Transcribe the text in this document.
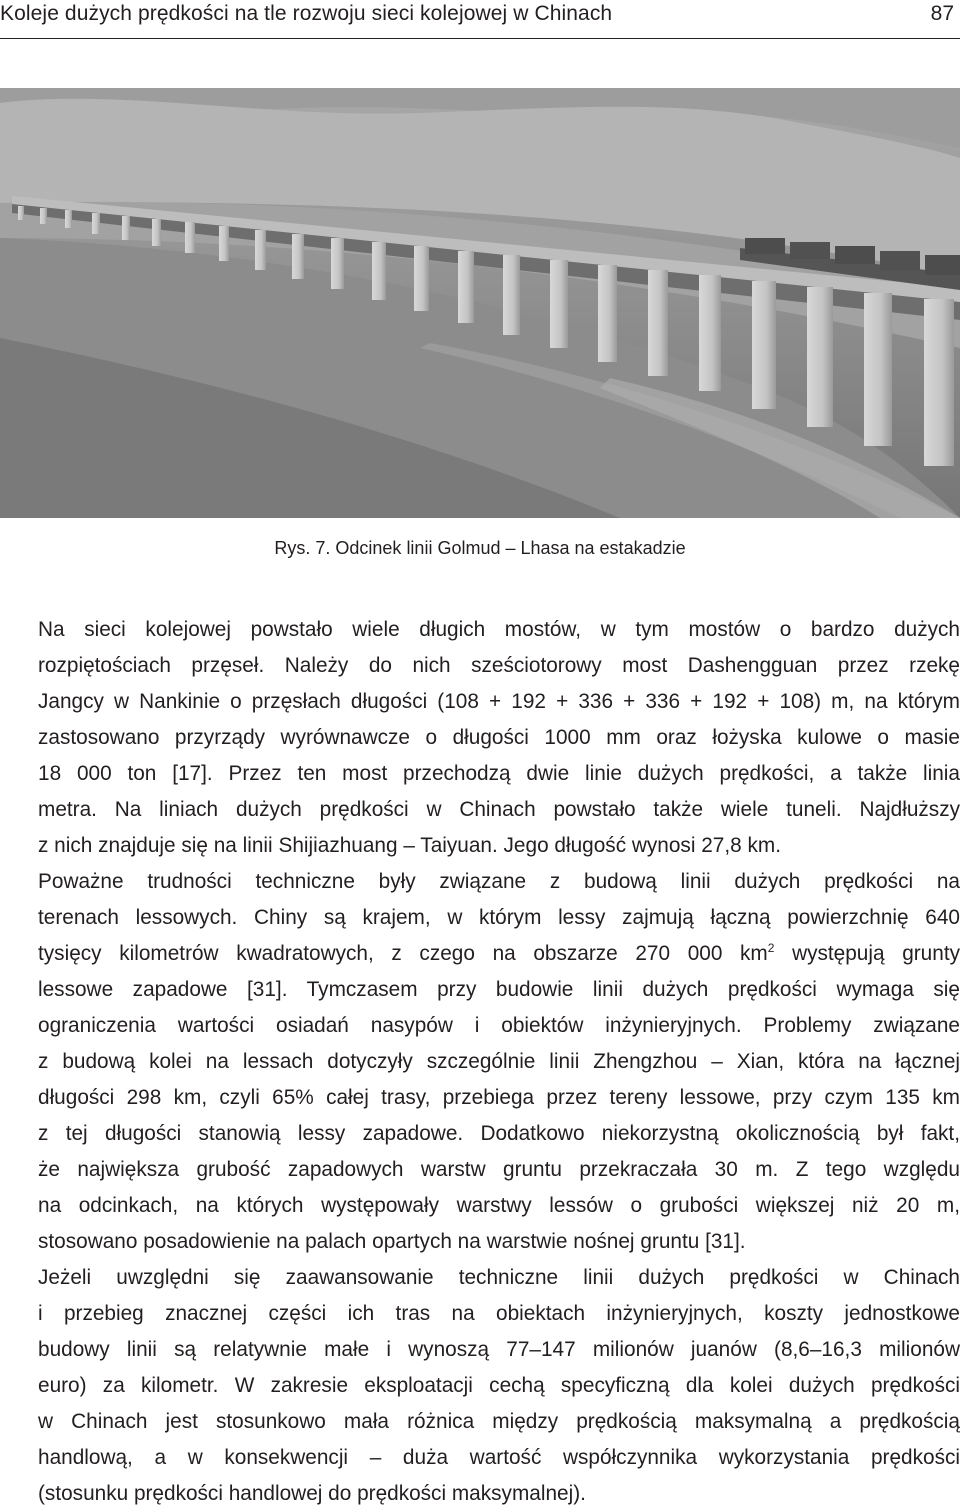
Koleje dużych prędkości na tle rozwoju sieci kolejowej w Chinach	87
Rys. 7. Odcinek linii Golmud – Lhasa na estakadzie

Na sieci kolejowej powstało wiele długich mostów, w tym mostów o bardzo dużych
rozpiętościach przęseł. Należy do nich sześciotorowy most Dashengguan przez rzekę
Jangcy w Nankinie o przęsłach długości (108 + 192 + 336 + 336 + 192 + 108) m, na którym
zastosowano przyrządy wyrównawcze o długości 1000 mm oraz łożyska kulowe o masie
18 000 ton [17]. Przez ten most przechodzą dwie linie dużych prędkości, a także linia
metra. Na liniach dużych prędkości w Chinach powstało także wiele tuneli. Najdłuższy
z nich znajduje się na linii Shijiazhuang – Taiyuan. Jego długość wynosi 27,8 km.

Poważne trudności techniczne były związane z budową linii dużych prędkości na
terenach lessowych. Chiny są krajem, w którym lessy zajmują łączną powierzchnię 640
tysięcy kilometrów kwadratowych, z czego na obszarze 270 000 $km^2$ występują grunty
lessowe zapadowe [31]. Tymczasem przy budowie linii dużych prędkości wymaga się
ograniczenia wartości osiadań nasypów i obiektów inżynieryjnych. Problemy związane
z budową kolei na lessach dotyczyły szczególnie linii Zhengzhou – Xian, która na łącznej
długości 298 km, czyli 65% całej trasy, przebiega przez tereny lessowe, przy czym 135 km
z tej długości stanowią lessy zapadowe. Dodatkowo niekorzystną okolicznością był fakt,
że największa grubość zapadowych warstw gruntu przekraczała 30 m. Z tego względu
na odcinkach, na których występowały warstwy lessów o grubości większej niż 20 m,
stosowano posadowienie na palach opartych na warstwie nośnej gruntu [31].

Jeżeli uwzględni się zaawansowanie techniczne linii dużych prędkości w Chinach
i przebieg znacznej części ich tras na obiektach inżynieryjnych, koszty jednostkowe
budowy linii są relatywnie małe i wynoszą 77–147 milionów juanów (8,6–16,3 milionów
euro) za kilometr. W zakresie eksploatacji cechą specyficzną dla kolei dużych prędkości
w Chinach jest stosunkowo mała różnica między prędkością maksymalną a prędkością
handlową, a w konsekwencji – duża wartość współczynnika wykorzystania prędkości
(stosunku prędkości handlowej do prędkości maksymalnej).
